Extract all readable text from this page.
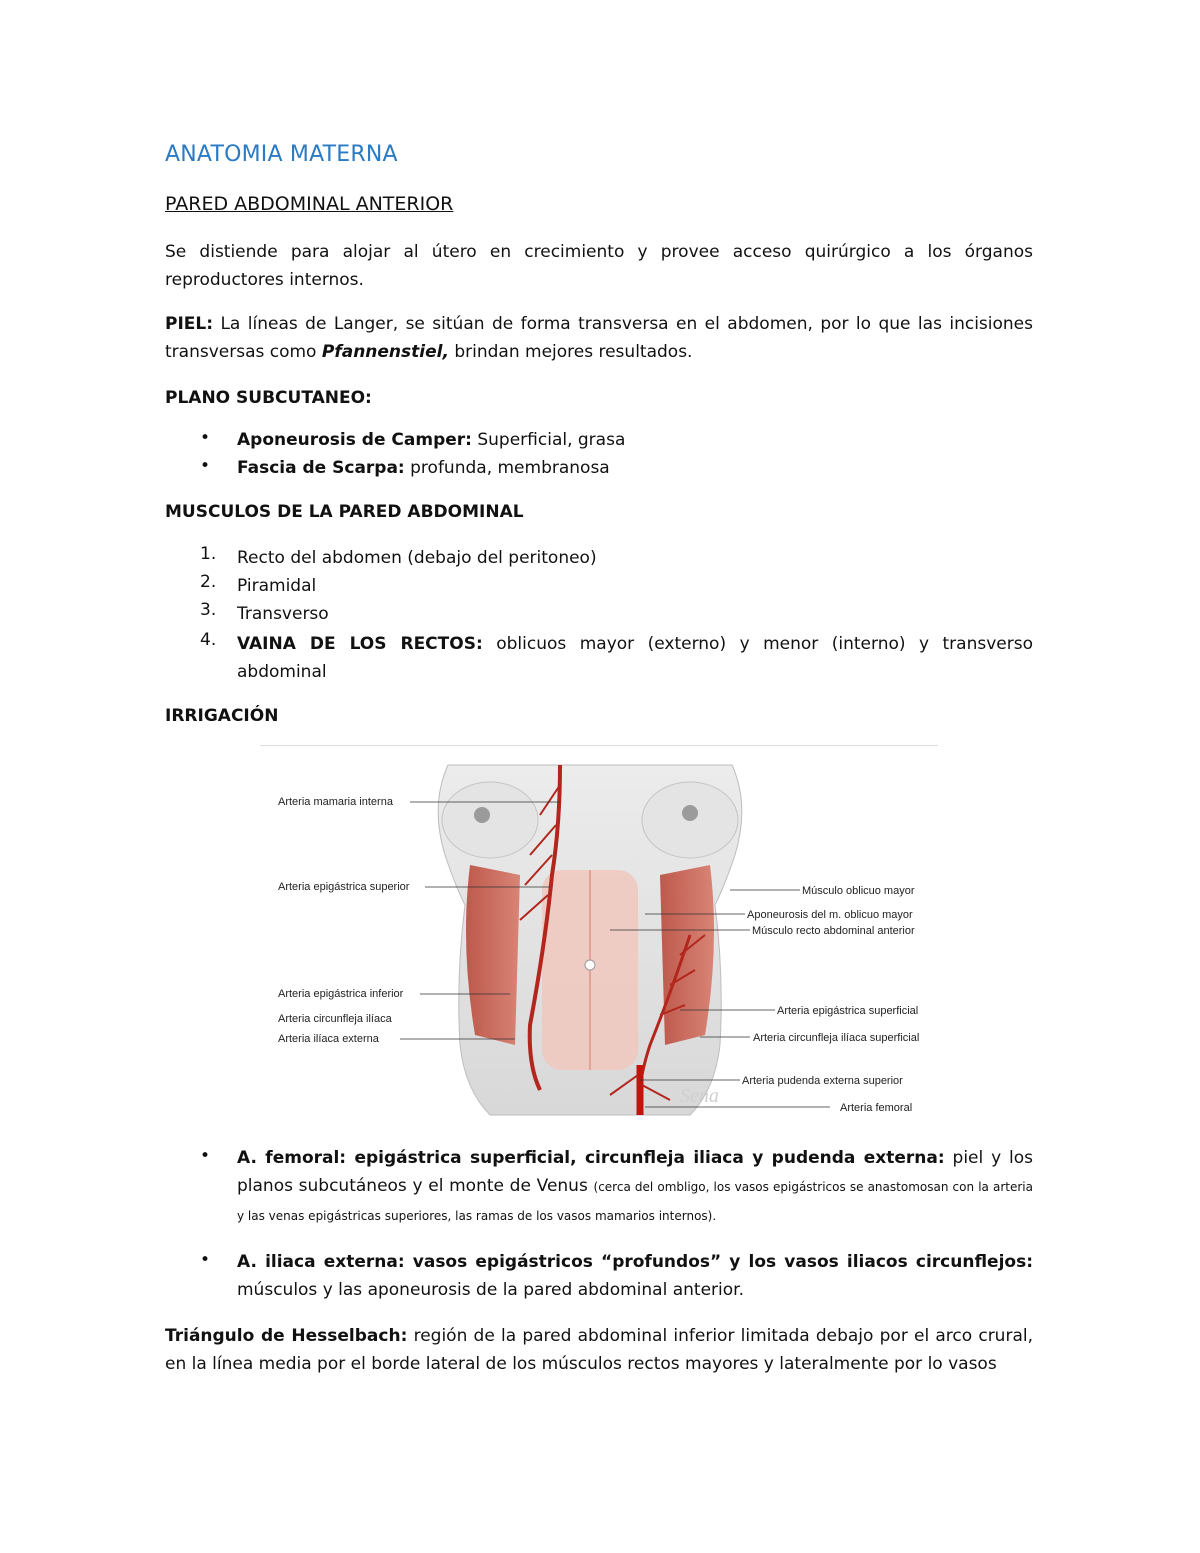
ANATOMIA MATERNA
PARED ABDOMINAL ANTERIOR
Se distiende para alojar al útero en crecimiento y provee acceso quirúrgico a los órganos reproductores internos.
PIEL: La líneas de Langer, se sitúan de forma transversa en el abdomen, por lo que las incisiones transversas como Pfannenstiel, brindan mejores resultados.
PLANO SUBCUTANEO:
• Aponeurosis de Camper: Superficial, grasa
• Fascia de Scarpa: profunda, membranosa
MUSCULOS DE LA PARED ABDOMINAL
1. Recto del abdomen (debajo del peritoneo)
2. Piramidal
3. Transverso
4. VAINA DE LOS RECTOS: oblicuos mayor (externo) y menor (interno) y transverso abdominal
IRRIGACIÓN
Arteria mamaria interna
Arteria epigástrica superior
Arteria epigástrica inferior
Arteria circunfleja ilíaca
Arteria ilíaca externa
Músculo oblicuo mayor
Aponeurosis del m. oblicuo mayor
Músculo recto abdominal anterior
Arteria epigástrica superficial
Arteria circunfleja ilíaca superficial
Arteria pudenda externa superior
Arteria femoral
Sena
• A. femoral: epigástrica superficial, circunfleja iliaca y pudenda externa: piel y los planos subcutáneos y el monte de Venus (cerca del ombligo, los vasos epigástricos se anastomosan con la arteria y las venas epigástricas superiores, las ramas de los vasos mamarios internos).
• A. iliaca externa: vasos epigástricos “profundos” y los vasos iliacos circunflejos: músculos y las aponeurosis de la pared abdominal anterior.
Triángulo de Hesselbach: región de la pared abdominal inferior limitada debajo por el arco crural, en la línea media por el borde lateral de los músculos rectos mayores y lateralmente por lo vasos
